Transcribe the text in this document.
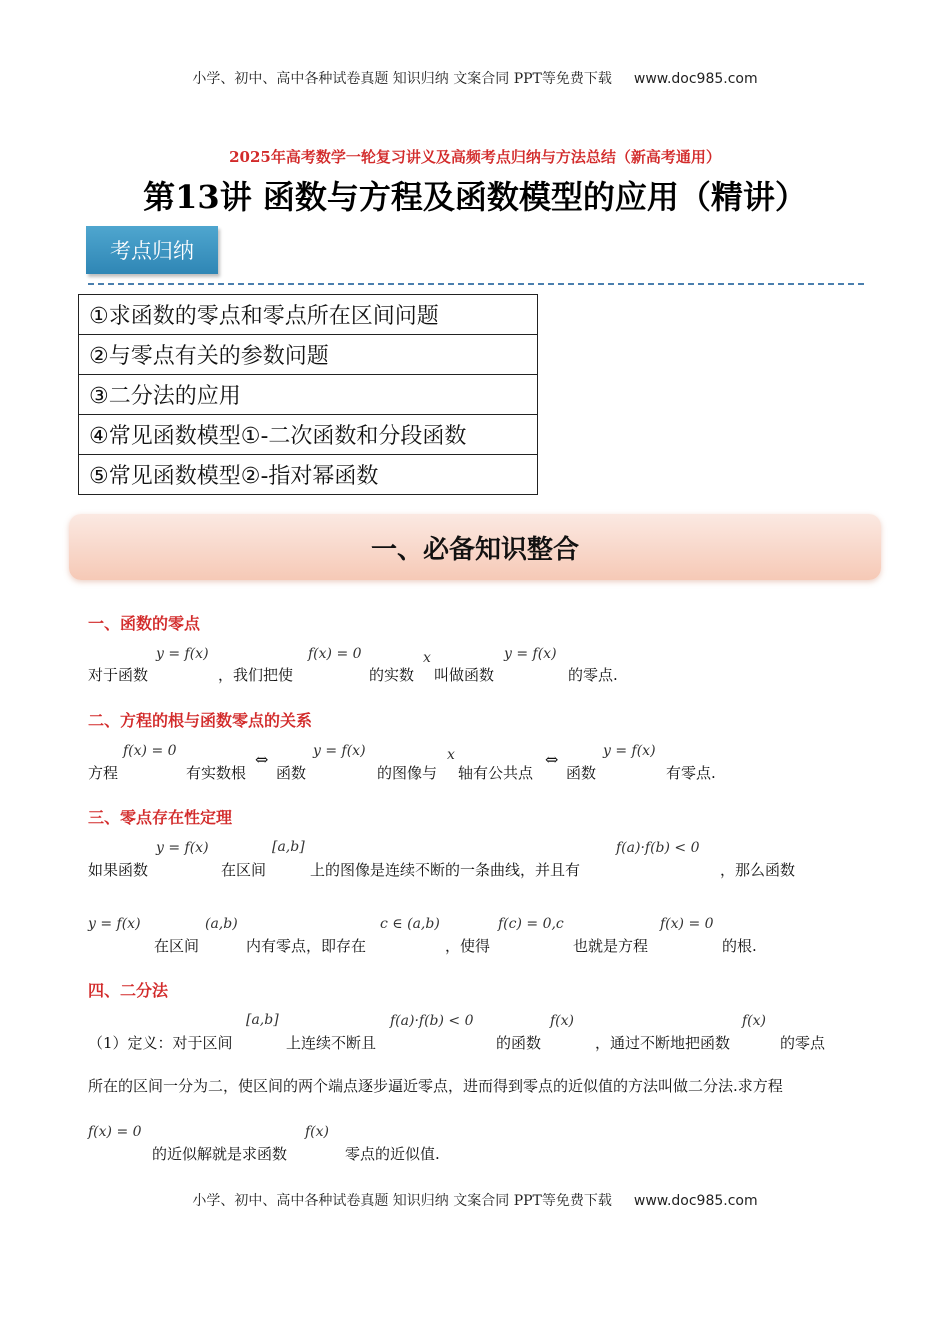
小学、初中、高中各种试卷真题 知识归纳 文案合同 PPT等免费下载 www.doc985.com
2025年高考数学一轮复习讲义及高频考点归纳与方法总结（新高考通用）
第13讲 函数与方程及函数模型的应用（精讲）
考点归纳
①求函数的零点和零点所在区间问题
②与零点有关的参数问题
③二分法的应用
④常见函数模型①-二次函数和分段函数
⑤常见函数模型②-指对幂函数
一、必备知识整合
一、函数的零点
对于函数
y = f(x)
，我们把使
f(x) = 0
的实数
x
叫做函数
y = f(x)
的零点.
二、方程的根与函数零点的关系
方程
f(x) = 0
有实数根
⇔
函数
y = f(x)
的图像与
x
轴有公共点
⇔
函数
y = f(x)
有零点.
三、零点存在性定理
如果函数
y = f(x)
在区间
[a,b]
上的图像是连续不断的一条曲线，并且有
f(a)·f(b) < 0
，那么函数
y = f(x)
在区间
(a,b)
内有零点，即存在
c ∈ (a,b)
，使得
f(c) = 0,c
也就是方程
f(x) = 0
的根.
四、二分法
（1）定义：对于区间
[a,b]
上连续不断且
f(a)·f(b) < 0
的函数
f(x)
，通过不断地把函数
f(x)
的零点
所在的区间一分为二，使区间的两个端点逐步逼近零点，进而得到零点的近似值的方法叫做二分法.求方程
f(x) = 0
的近似解就是求函数
f(x)
零点的近似值.
小学、初中、高中各种试卷真题 知识归纳 文案合同 PPT等免费下载 www.doc985.com
